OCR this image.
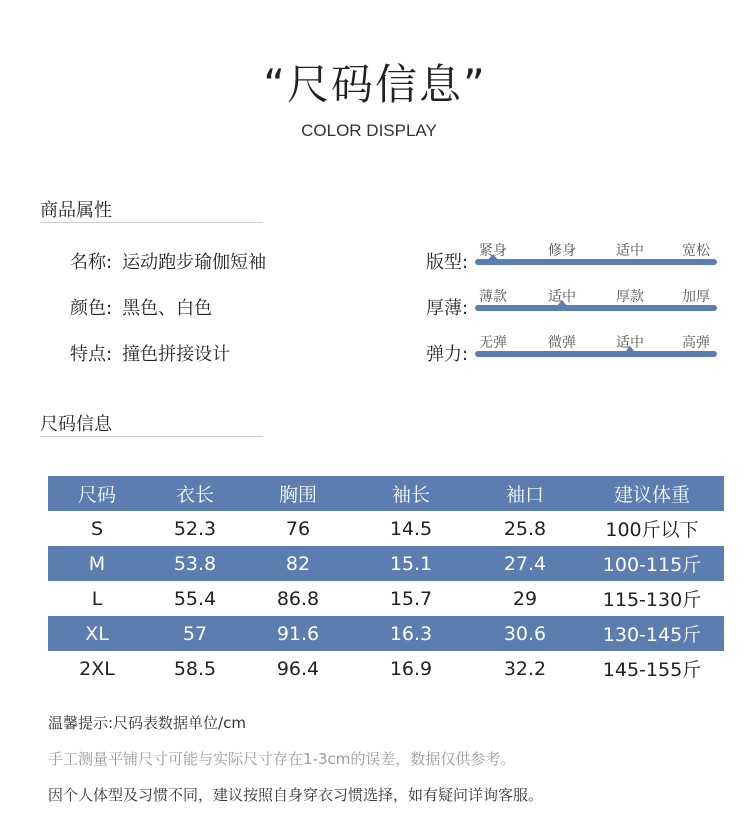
“尺码信息”
COLOR DISPLAY
商品属性
名称: 运动跑步瑜伽短袖
颜色: 黑色、白色
特点: 撞色拼接设计
版型:
紧身	修身	适中	宽松
厚薄:
薄款	适中	厚款	加厚
弹力:
无弹	微弹	适中	高弹
尺码信息
尺码	衣长	胸围	袖长	袖口	建议体重
S	52.3	76	14.5	25.8	100斤以下
M	53.8	82	15.1	27.4	100-115斤
L	55.4	86.8	15.7	29	115-130斤
XL	57	91.6	16.3	30.6	130-145斤
2XL	58.5	96.4	16.9	32.2	145-155斤
温馨提示:尺码表数据单位/cm
手工测量平铺尺寸可能与实际尺寸存在1-3cm的误差，数据仅供参考。
因个人体型及习惯不同，建议按照自身穿衣习惯选择，如有疑问详询客服。
